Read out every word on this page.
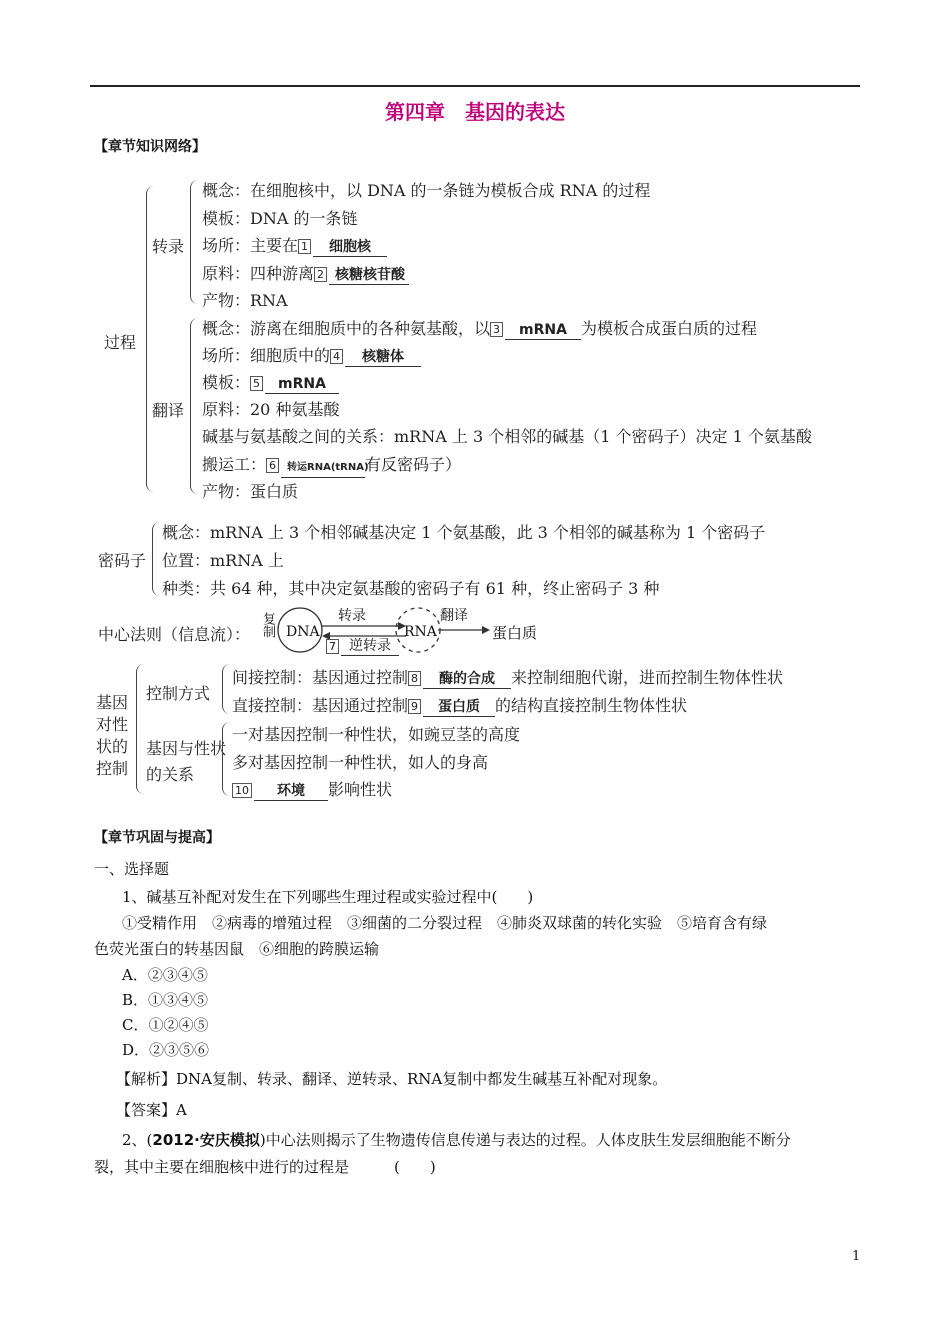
第四章　基因的表达
【章节知识网络】
过程
转录
概念：在细胞核中，以 DNA 的一条链为模板合成 RNA 的过程
模板：DNA 的一条链
场所：主要在 1 细胞核
原料：四种游离 2 核糖核苷酸
产物：RNA
翻译
概念：游离在细胞质中的各种氨基酸，以 3 mRNA 为模板合成蛋白质的过程
场所：细胞质中的 4 核糖体
模板： 5 mRNA
原料：20 种氨基酸
碱基与氨基酸之间的关系：mRNA 上 3 个相邻的碱基（1 个密码子）决定 1 个氨基酸
搬运工： 6 转运RNA(tRNA)有反密码子）
产物：蛋白质
密码子
概念：mRNA 上 3 个相邻碱基决定 1 个氨基酸，此 3 个相邻的碱基称为 1 个密码子
位置：mRNA 上
种类：共 64 种，其中决定氨基酸的密码子有 61 种，终止密码子 3 种
中心法则（信息流）： 复制 DNA	RNA	蛋白质
转录	翻译
7 逆转录
基因对性状的控制
控制方式
间接控制：基因通过控制 8 酶的合成 来控制细胞代谢，进而控制生物体性状
直接控制：基因通过控制 9 蛋白质 的结构直接控制生物体性状
基因与性状的关系
一对基因控制一种性状，如豌豆茎的高度
多对基因控制一种性状，如人的身高
10 环境 影响性状
【章节巩固与提高】
一、选择题
1、碱基互补配对发生在下列哪些生理过程或实验过程中(　　)
①受精作用　②病毒的增殖过程　③细菌的二分裂过程　④肺炎双球菌的转化实验　⑤培育含有绿
色荧光蛋白的转基因鼠　⑥细胞的跨膜运输
A．②③④⑤
B．①③④⑤
C．①②④⑤
D．②③⑤⑥
【解析】DNA复制、转录、翻译、逆转录、RNA复制中都发生碱基互补配对现象。
【答案】A
2、(2012·安庆模拟)中心法则揭示了生物遗传信息传递与表达的过程。人体皮肤生发层细胞能不断分
裂，其中主要在细胞核中进行的过程是　　　(　　)
1
